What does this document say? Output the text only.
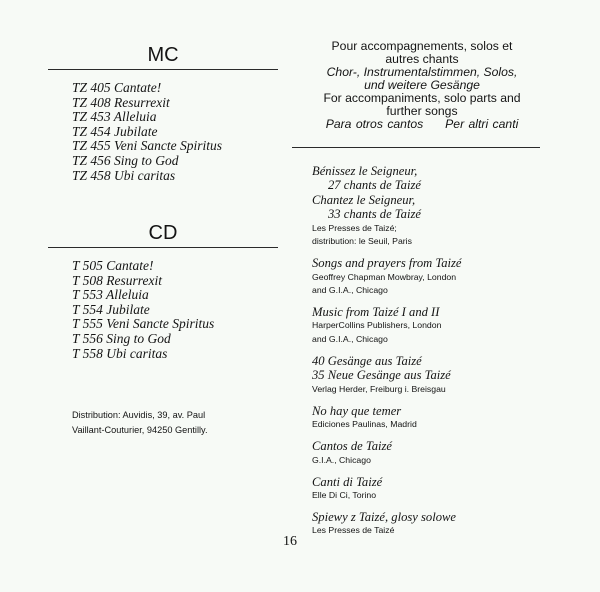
MC
TZ 405 Cantate!
TZ 408 Resurrexit
TZ 453 Alleluia
TZ 454 Jubilate
TZ 455 Veni Sancte Spiritus
TZ 456 Sing to God
TZ 458 Ubi caritas
CD
T 505 Cantate!
T 508 Resurrexit
T 553 Alleluia
T 554 Jubilate
T 555 Veni Sancte Spiritus
T 556 Sing to God
T 558 Ubi caritas
Distribution: Auvidis, 39, av. Paul
Vaillant-Couturier, 94250 Gentilly.
Pour accompagnements, solos et
autres chants
Chor-, Instrumentalstimmen, Solos,
und weitere Gesänge
For accompaniments, solo parts and
further songs
Para otros cantos Per altri canti
Bénissez le Seigneur,
27 chants de Taizé
Chantez le Seigneur,
33 chants de Taizé
Les Presses de Taizé;
distribution: le Seuil, Paris
Songs and prayers from Taizé
Geoffrey Chapman Mowbray, London
and G.I.A., Chicago
Music from Taizé I and II
HarperCollins Publishers, London
and G.I.A., Chicago
40 Gesänge aus Taizé
35 Neue Gesänge aus Taizé
Verlag Herder, Freiburg i. Breisgau
No hay que temer
Ediciones Paulinas, Madrid
Cantos de Taizé
G.I.A., Chicago
Canti di Taizé
Elle Di Ci, Torino
Spiewy z Taizé, glosy solowe
Les Presses de Taizé
16
